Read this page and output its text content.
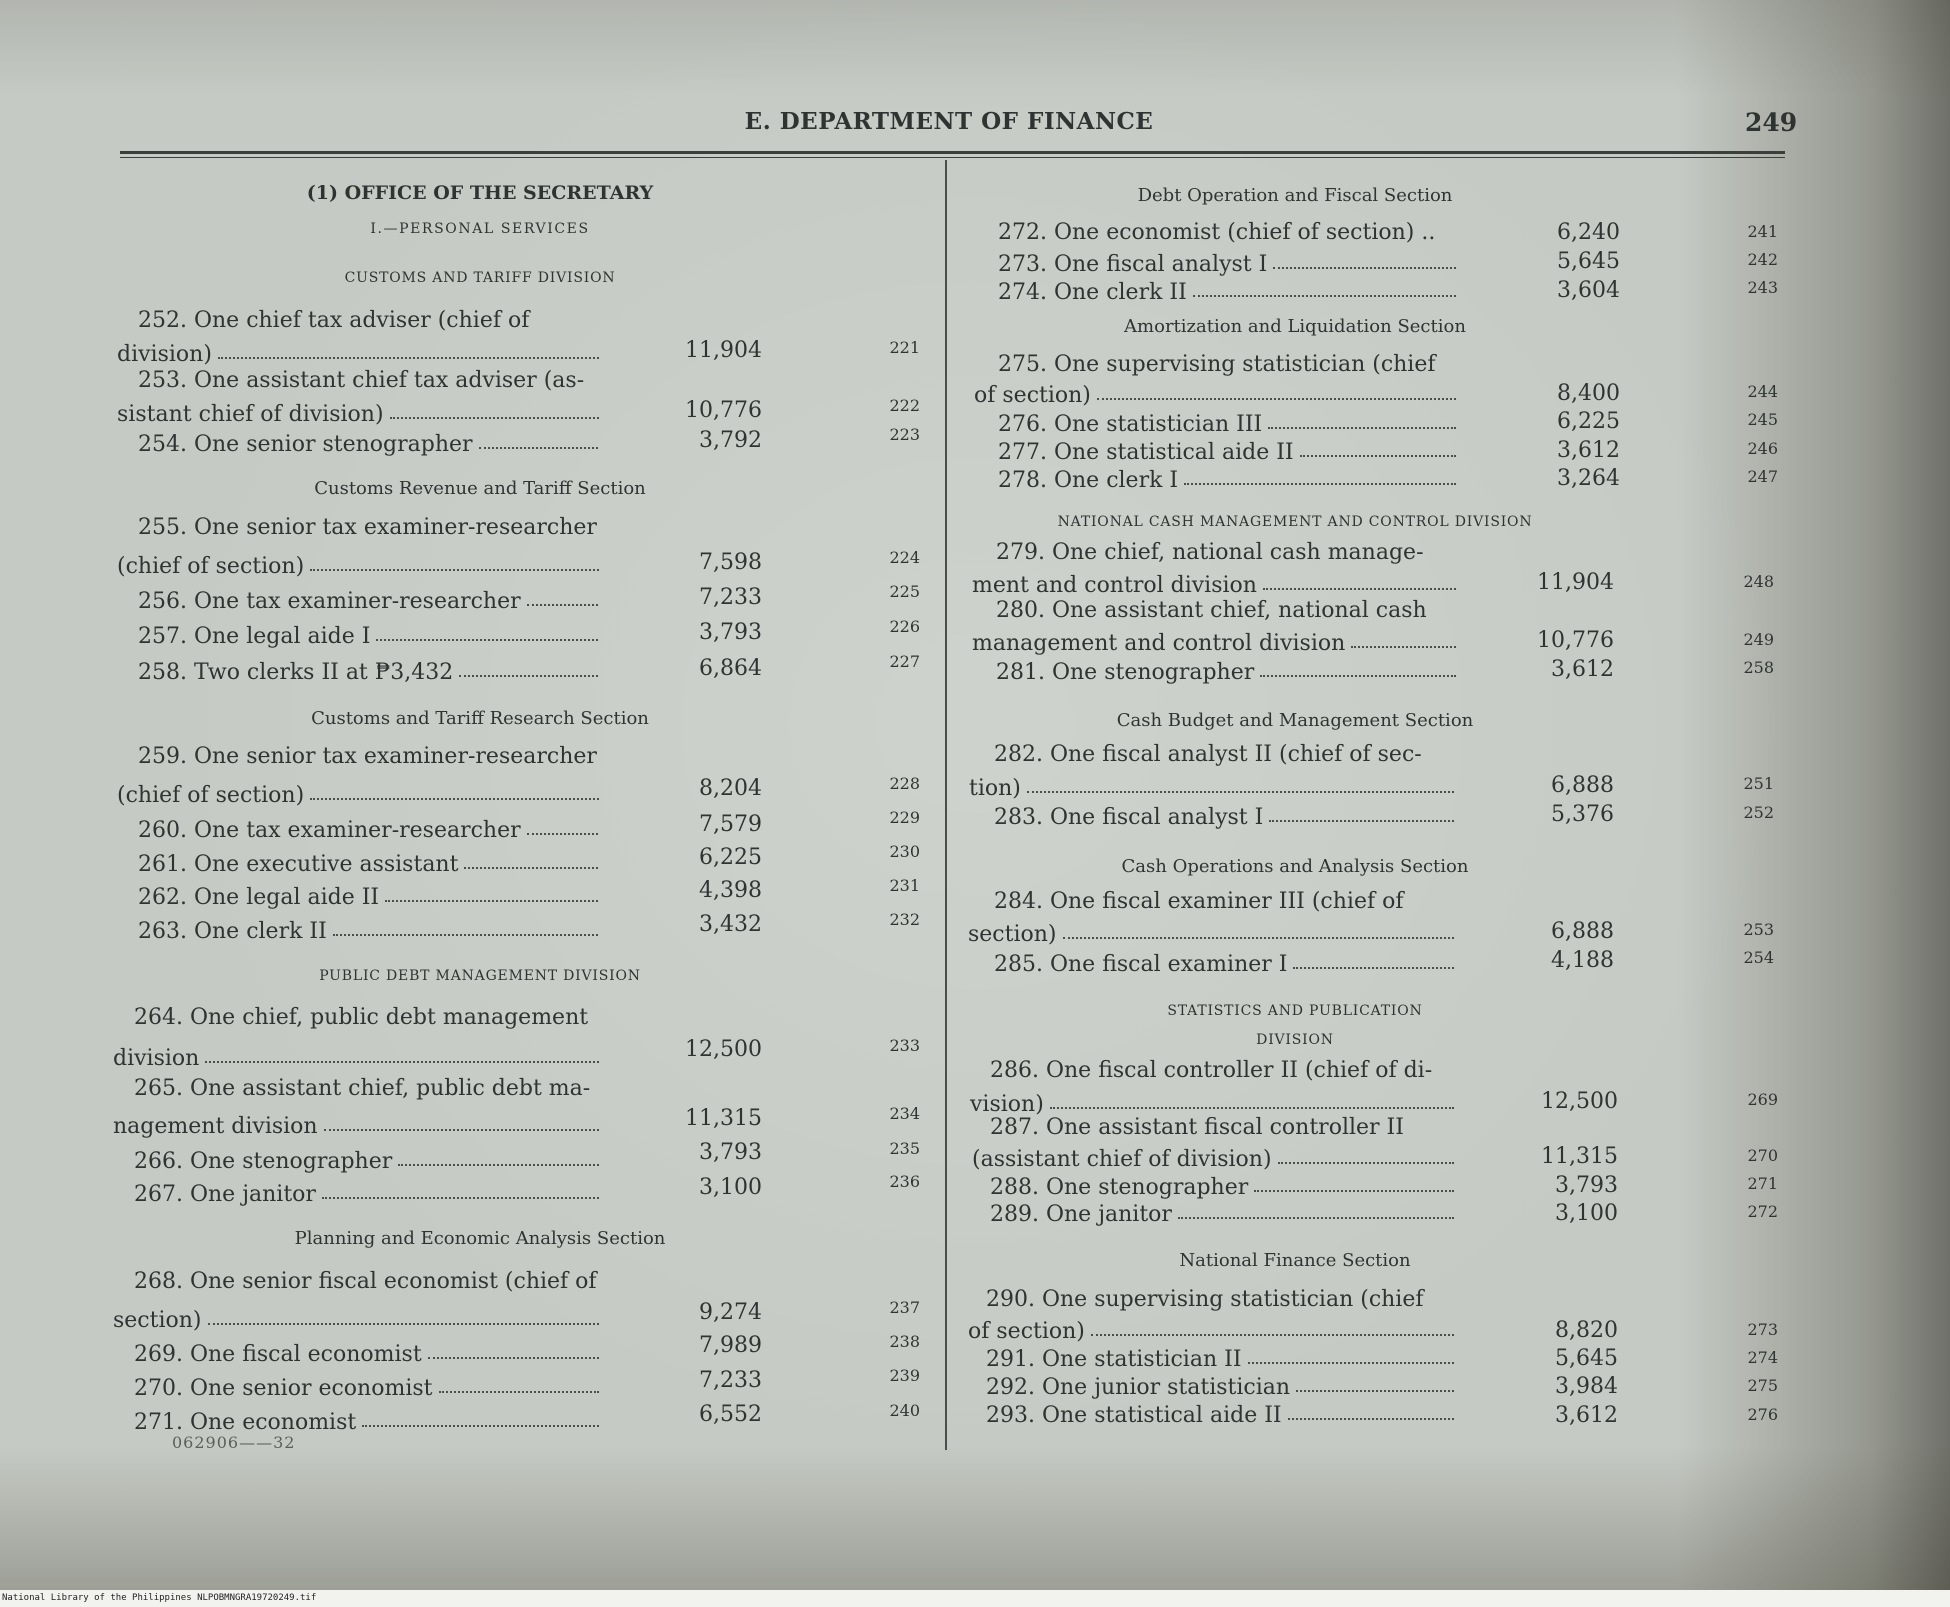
E. DEPARTMENT OF FINANCE	249
(1) OFFICE OF THE SECRETARY
I.—PERSONAL SERVICES
CUSTOMS AND TARIFF DIVISION
Customs Revenue and Tariff Section
Customs and Tariff Research Section
PUBLIC DEBT MANAGEMENT DIVISION
Planning and Economic Analysis Section
Debt Operation and Fiscal Section
Amortization and Liquidation Section
NATIONAL CASH MANAGEMENT AND CONTROL DIVISION
Cash Budget and Management Section
Cash Operations and Analysis Section
STATISTICS AND PUBLICATION
DIVISION
National Finance Section
252. One chief tax adviser (chief of
division)	11,904	221
253. One assistant chief tax adviser (as-
sistant chief of division)	10,776	222
254. One senior stenographer	3,792	223
255. One senior tax examiner-researcher
(chief of section)	7,598	224
256. One tax examiner-researcher	7,233	225
257. One legal aide I	3,793	226
258. Two clerks II at ₱3,432	6,864	227
259. One senior tax examiner-researcher
(chief of section)	8,204	228
260. One tax examiner-researcher	7,579	229
261. One executive assistant	6,225	230
262. One legal aide II	4,398	231
263. One clerk II	3,432	232
264. One chief, public debt management
division	12,500	233
265. One assistant chief, public debt ma-
nagement division	11,315	234
266. One stenographer	3,793	235
267. One janitor	3,100	236
268. One senior fiscal economist (chief of
section)	9,274	237
269. One fiscal economist	7,989	238
270. One senior economist	7,233	239
271. One economist	6,552	240
062906——32
272. One economist (chief of section) ..	6,240	241
273. One fiscal analyst I	5,645	242
274. One clerk II	3,604	243
275. One supervising statistician (chief
of section)	8,400	244
276. One statistician III	6,225	245
277. One statistical aide II	3,612	246
278. One clerk I	3,264	247
279. One chief, national cash manage-
ment and control division	11,904	248
280. One assistant chief, national cash
management and control division	10,776	249
281. One stenographer	3,612	258
282. One fiscal analyst II (chief of sec-
tion)	6,888	251
283. One fiscal analyst I	5,376	252
284. One fiscal examiner III (chief of
section)	6,888	253
285. One fiscal examiner I	4,188	254
286. One fiscal controller II (chief of di-
vision)	12,500	269
287. One assistant fiscal controller II
(assistant chief of division)	11,315	270
288. One stenographer	3,793	271
289. One janitor	3,100	272
290. One supervising statistician (chief
of section)	8,820	273
291. One statistician II	5,645	274
292. One junior statistician	3,984	275
293. One statistical aide II	3,612	276
National Library of the Philippines NLPOBMNGRA19720249.tif
